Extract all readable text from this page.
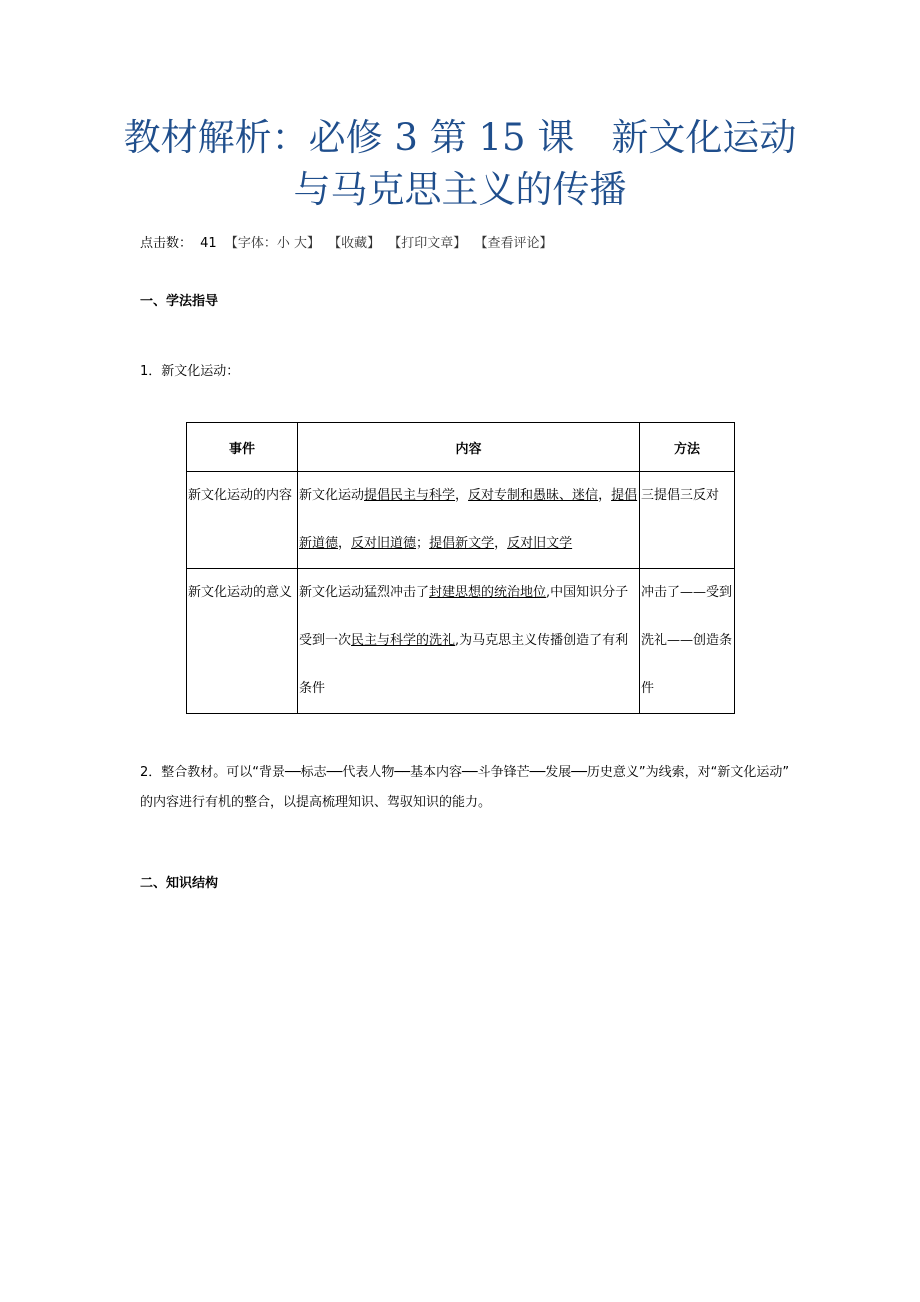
教材解析：必修 3 第 15 课　新文化运动
与马克思主义的传播
点击数： 41 【字体：小 大】 【收藏】 【打印文章】 【查看评论】
一、学法指导
1．新文化运动：
事件	内容	方法
新文化运动的内容	新文化运动提倡民主与科学，反对专制和愚昧、迷信，提倡新道德，反对旧道德；提倡新文学，反对旧文学	三提倡三反对
新文化运动的意义	新文化运动猛烈冲击了封建思想的统治地位,中国知识分子受到一次民主与科学的洗礼,为马克思主义传播创造了有利条件	冲击了——受到洗礼——创造条件
2．整合教材。可以“背景──标志──代表人物──基本内容──斗争锋芒──发展──历史意义”为线索，对“新文化运动” 的内容进行有机的整合，以提高梳理知识、驾驭知识的能力。
二、知识结构
